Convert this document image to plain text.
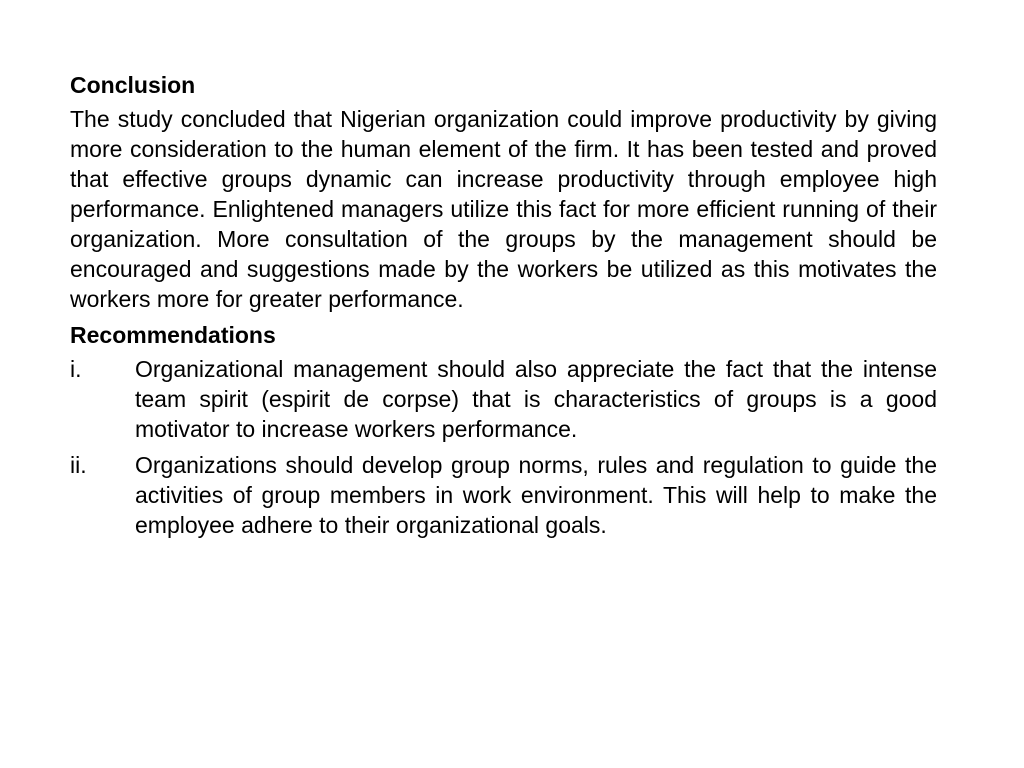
Conclusion

The study concluded that Nigerian organization could improve productivity by giving more consideration to the human element of the firm. It has been tested and proved that effective groups dynamic can increase productivity through employee high performance. Enlightened managers utilize this fact for more efficient running of their organization. More consultation of the groups by the management should be encouraged and suggestions made by the workers be utilized as this motivates the workers more for greater performance.

Recommendations
i.	Organizational management should also appreciate the fact that the intense team spirit (espirit de corpse) that is characteristics of groups is a good motivator to increase workers performance.
ii.	Organizations should develop group norms, rules and regulation to guide the activities of group members in work environment. This will help to make the employee adhere to their organizational goals.
